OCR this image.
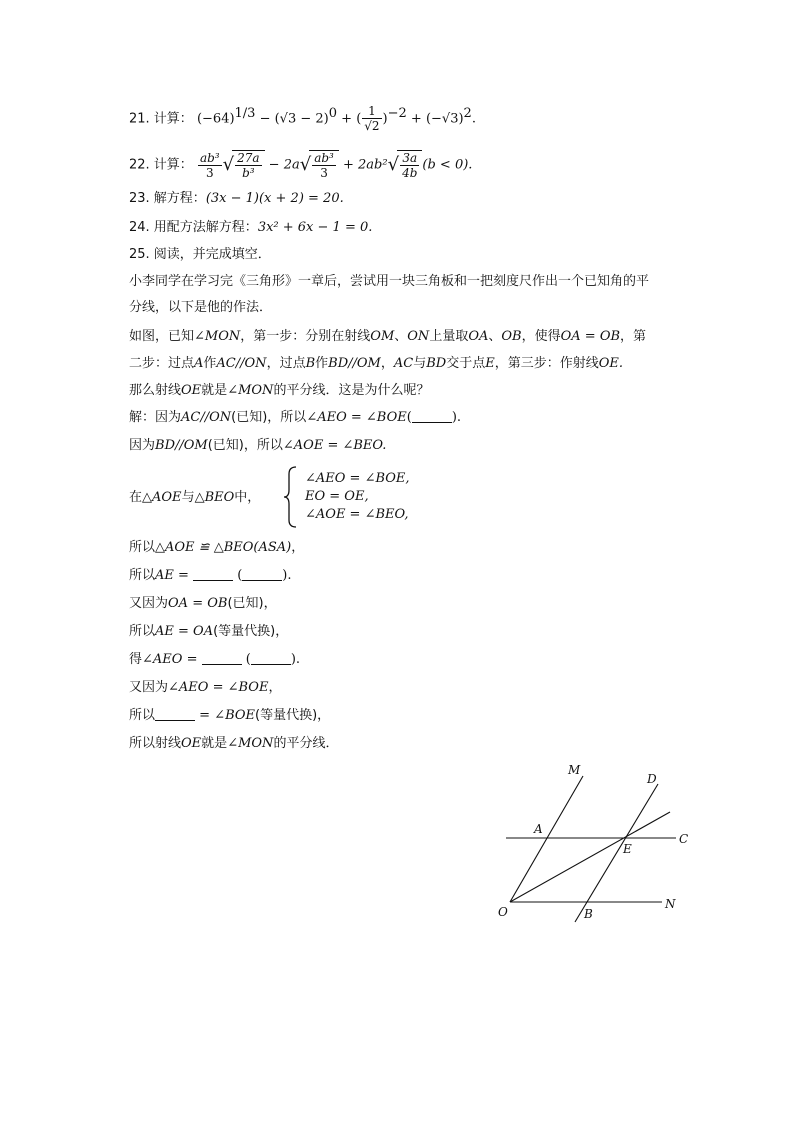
21. 计算： $(-64)^{1/3} - (√3 - 2)^0$ + ( $\frac{1}{√2} )^{-2} + (-√3)^2$.
22. 计算： $\frac{\text{ab³}}{3}$ √ $\frac{27a}{\text{b³}} - 2a√ \frac{\text{ab³}}{3} + 2ab^2√ \frac{3a}{4b} (b < 0)$.
23. 解方程：(3x − 1)(x + 2) = 20.
24. 用配方法解方程：3x² + 6x − 1 = 0.
25. 阅读，并完成填空．
小李同学在学习完《三角形》一章后，尝试用一块三角板和一把刻度尺作出一个已知角的平
分线，以下是他的作法．
如图，已知∠MON，第一步：分别在射线OM、ON上量取OA、OB，使得OA = OB，第
二步：过点A作AC//ON，过点B作BD//OM，AC与BD交于点E，第三步：作射线OE.
那么射线OE就是∠MON的平分线．这是为什么呢？
解：因为AC//ON(已知)，所以∠AEO = ∠BOE(	).
因为BD//OM(已知)，所以∠AOE = ∠BEO.
在△AOE与△BEO中，
∠AEO = ∠BOE,
EO = OE,
∠AOE = ∠BEO,
所以△AOE ≌ △BEO(ASA)，
所以AE =	(	).
又因为OA = OB(已知)，
所以AE = OA(等量代换)，
得∠AEO =	(	).
又因为∠AEO = ∠BOE，
所以	= ∠BOE(等量代换)，
所以射线OE就是∠MON的平分线．
M
D
A
C
E
O	B
N
